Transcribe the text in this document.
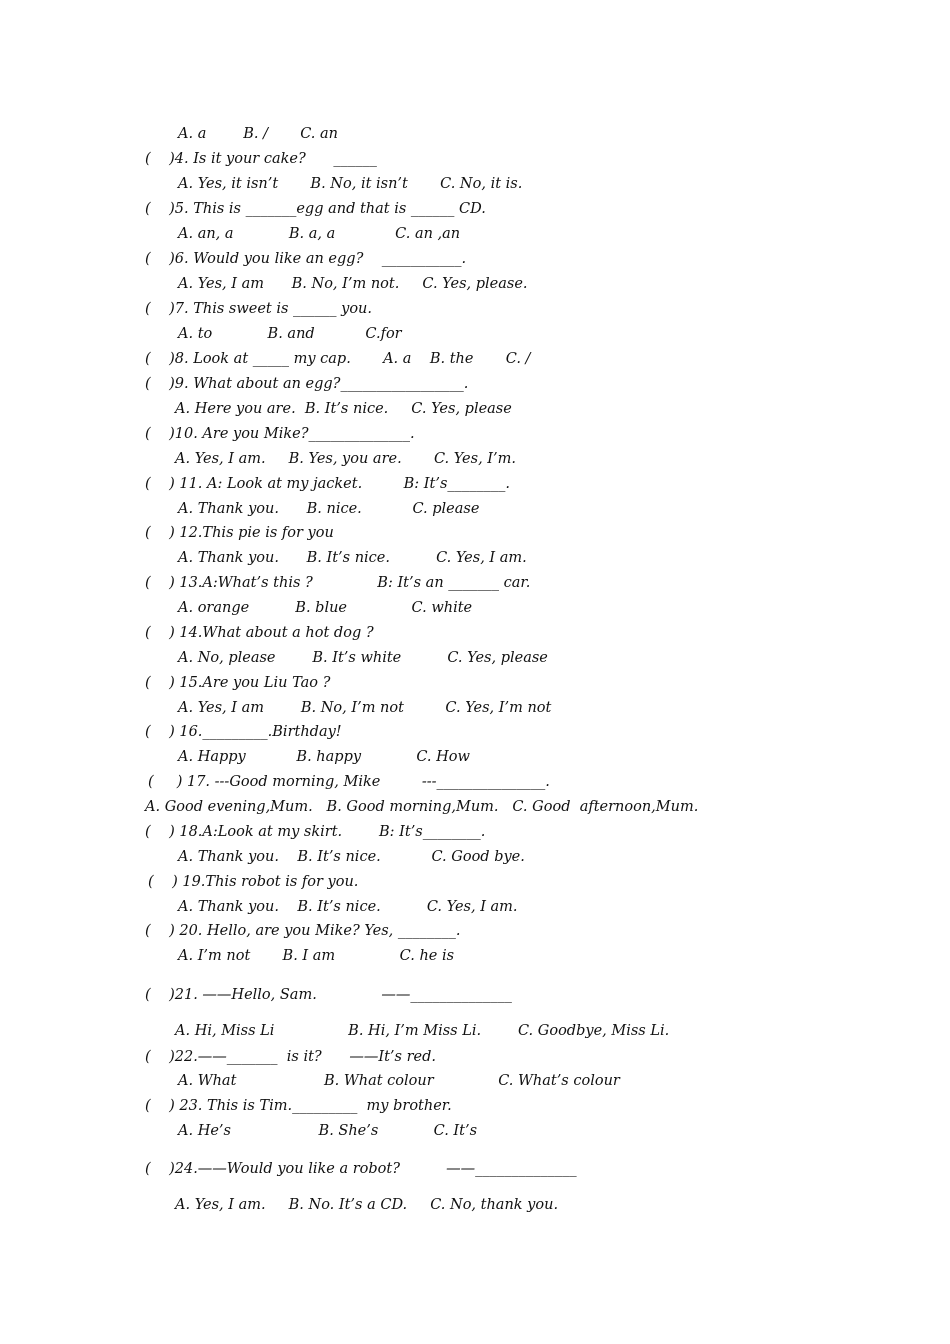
A. a        B. /       C. an
(    )4. Is it your cake?      ______
A. Yes, it isn’t       B. No, it isn’t       C. No, it is.
(    )5. This is _______egg and that is ______ CD.
A. an, a            B. a, a             C. an ,an
(    )6. Would you like an egg?    ___________.
A. Yes, I am      B. No, I’m not.     C. Yes, please.
(    )7. This sweet is ______ you.
A. to            B. and           C.for
(    )8. Look at _____ my cap.       A. a    B. the       C. /
(    )9. What about an egg?_________________.
A. Here you are.  B. It’s nice.     C. Yes, please
(    )10. Are you Mike?______________.
A. Yes, I am.     B. Yes, you are.       C. Yes, I’m.
(    ) 11. A: Look at my jacket.         B: It’s________.
A. Thank you.      B. nice.           C. please
(    ) 12.This pie is for you
A. Thank you.      B. It’s nice.          C. Yes, I am.
(    ) 13.A:What’s this ?              B: It’s an _______ car.
A. orange          B. blue              C. white
(    ) 14.What about a hot dog ?
A. No, please        B. It’s white          C. Yes, please
(    ) 15.Are you Liu Tao ?
A. Yes, I am        B. No, I’m not         C. Yes, I’m not
(    ) 16._________.Birthday!
A. Happy           B. happy            C. How
(     ) 17. ---Good morning, Mike         ---_______________.
A. Good evening,Mum.   B. Good morning,Mum.   C. Good  afternoon,Mum.
(    ) 18.A:Look at my skirt.        B: It’s________.
A. Thank you.    B. It’s nice.           C. Good bye.
(    ) 19.This robot is for you.
A. Thank you.    B. It’s nice.          C. Yes, I am.
(    ) 20. Hello, are you Mike? Yes, ________.
A. I’m not       B. I am              C. he is
(    )21. ——Hello, Sam.              ——______________
A. Hi, Miss Li                B. Hi, I’m Miss Li.        C. Goodbye, Miss Li.
(    )22.——_______  is it?      ——It’s red.
A. What                   B. What colour              C. What’s colour
(    ) 23. This is Tim._________  my brother.
A. He’s                   B. She’s            C. It’s
(    )24.——Would you like a robot?          ——______________
A. Yes, I am.     B. No. It’s a CD.     C. No, thank you.
